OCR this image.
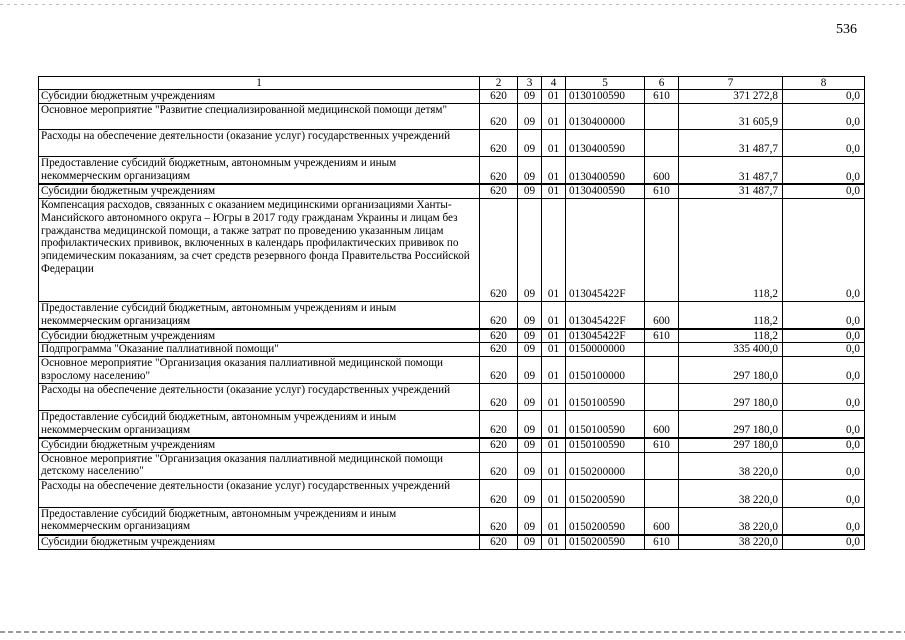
536
1	2	3	4	5	6	7	8
Субсидии бюджетным учреждениям	620	09	01	0130100590	610	371 272,8	0,0
Основное мероприятие "Развитие специализированной медицинской помощи детям"	620	09	01	0130400000		31 605,9	0,0
Расходы на обеспечение деятельности (оказание услуг) государственных учреждений	620	09	01	0130400590		31 487,7	0,0
Предоставление субсидий бюджетным, автономным учреждениям и иным некоммерческим организациям	620	09	01	0130400590	600	31 487,7	0,0
Субсидии бюджетным учреждениям	620	09	01	0130400590	610	31 487,7	0,0
Компенсация расходов, связанных с оказанием медицинскими организациями Ханты-Мансийского автономного округа – Югры в 2017 году гражданам Украины и лицам без гражданства медицинской помощи, а также затрат по проведению указанным лицам профилактических прививок, включенных в календарь профилактических прививок по эпидемическим показаниям, за счет средств резервного фонда Правительства Российской Федерации	620	09	01	013045422F		118,2	0,0
Предоставление субсидий бюджетным, автономным учреждениям и иным некоммерческим организациям	620	09	01	013045422F	600	118,2	0,0
Субсидии бюджетным учреждениям	620	09	01	013045422F	610	118,2	0,0
Подпрограмма "Оказание паллиативной помощи"	620	09	01	0150000000		335 400,0	0,0
Основное мероприятие "Организация оказания паллиативной медицинской помощи взрослому населению"	620	09	01	0150100000		297 180,0	0,0
Расходы на обеспечение деятельности (оказание услуг) государственных учреждений	620	09	01	0150100590		297 180,0	0,0
Предоставление субсидий бюджетным, автономным учреждениям и иным некоммерческим организациям	620	09	01	0150100590	600	297 180,0	0,0
Субсидии бюджетным учреждениям	620	09	01	0150100590	610	297 180,0	0,0
Основное мероприятие "Организация оказания паллиативной медицинской помощи детскому населению"	620	09	01	0150200000		38 220,0	0,0
Расходы на обеспечение деятельности (оказание услуг) государственных учреждений	620	09	01	0150200590		38 220,0	0,0
Предоставление субсидий бюджетным, автономным учреждениям и иным некоммерческим организациям	620	09	01	0150200590	600	38 220,0	0,0
Субсидии бюджетным учреждениям	620	09	01	0150200590	610	38 220,0	0,0
